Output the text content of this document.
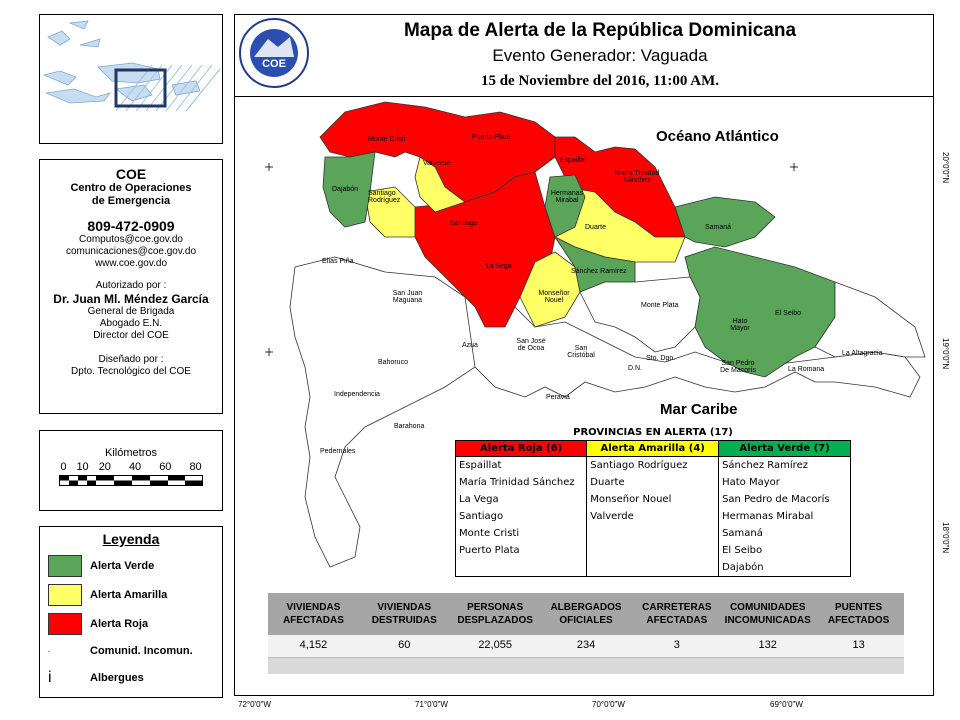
COE
Centro de Operaciones
de Emergencia
809-472-0909
Computos@coe.gov.do
comunicaciones@coe.gov.do
www.coe.gov.do
Autorizado por :
Dr. Juan Ml. Méndez García
General de Brigada
Abogado E.N.
Director del COE
Diseñado por :
Dpto. Tecnológico del COE
Kilómetros
0 10 20 40 60 80
Leyenda
Alerta Verde
Alerta Amarilla
Alerta Roja
·	Comunid. Incomun.
i	Albergues
COE
Mapa de Alerta de la República Dominicana
Evento Generador: Vaguada
15 de Noviembre del 2016, 11:00 AM.
Monte Cristi	Puerto Plata
Valverde	Espaillat
María Trinidad Sánchez
Dajabón
Santiago Rodríguez
Santiago
Hermanas Mirabal
Duarte	Samaná
La Vega
Sánchez Ramírez
Elías Piña
San Juan Maguana
Monseñor Nouel
Monte Plata
Hato Mayor
El Seibo
Azua
San José de Ocoa	San Cristóbal
Bahoruco
Sto. Dgo.
D.N.
San Pedro De Macorís	La Romana
La Altagracia
Independencia	Peravia
Barahona
Pedernales
Océano Atlántico
Mar Caribe
PROVINCIAS EN ALERTA (17)		
Alerta Roja (6)	Alerta Amarilla (4)	Alerta Verde (7)
Espaillat	Santiago Rodríguez	Sánchez Ramírez
María Trinidad Sánchez	Duarte	Hato Mayor
La Vega	Monseñor Nouel	San Pedro de Macorís
Santiago	Valverde	Hermanas Mirabal
Monte Cristi		Samaná
Puerto Plata		El Seibo
		Dajabón
VIVIENDAS
AFECTADAS
VIVIENDAS
DESTRUIDAS
PERSONAS
DESPLAZADOS
ALBERGADOS
OFICIALES
CARRETERAS
AFECTADAS
COMUNIDADES
INCOMUNICADAS
PUENTES
AFECTADOS
4,152	60	22,055	234	3	132	13
72°0'0"W	71°0'0"W	70°0'0"W	69°0'0"W
20°0'0"N
19°0'0"N
18°0'0"N
